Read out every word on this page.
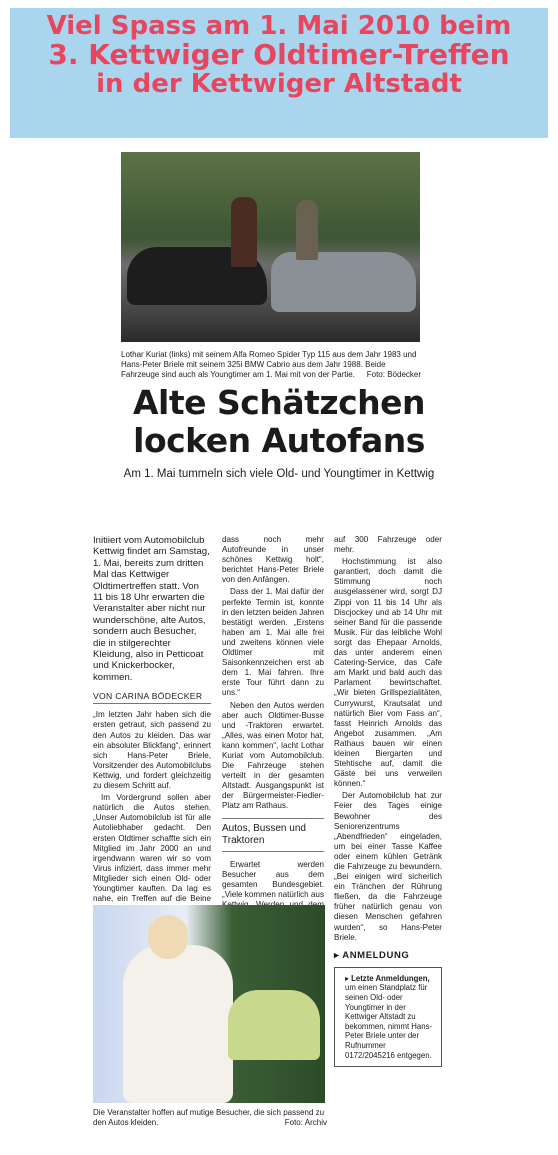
Viel Spass am 1. Mai 2010 beim
3. Kettwiger Oldtimer-Treffen
in der Kettwiger Altstadt
Lothar Kuriat (links) mit seinem Alfa Romeo Spider Typ 115 aus dem Jahr 1983 und Hans-Peter Briele mit seinem 325i BMW Cabrio aus dem Jahr 1988. Beide Fahrzeuge sind auch als Youngtimer am 1. Mai mit von der Partie. Foto: Bödecker
Alte Schätzchen
locken Autofans
Am 1. Mai tummeln sich viele Old- und Youngtimer in Kettwig

Initiiert vom Automobilclub Kettwig findet am Samstag, 1. Mai, bereits zum dritten Mal das Kettwiger Oldtimertreffen statt. Von 11 bis 18 Uhr erwarten die Veranstalter aber nicht nur wunderschöne, alte Autos, sondern auch Besucher, die in stilgerechter Kleidung, also in Petticoat und Knickerbocker, kommen.

VON CARINA BÖDECKER

„Im letzten Jahr haben sich die ersten getraut, sich passend zu den Autos zu kleiden. Das war ein absoluter Blickfang“, erinnert sich Hans-Peter Briele, Vorsitzender des Automobilclubs Kettwig, und fordert gleichzeitig zu diesem Schritt auf.

Im Vordergrund sollen aber natürlich die Autos stehen. „Unser Automobilclub ist für alle Autoliebhaber gedacht. Den ersten Oldtimer schaffte sich ein Mitglied im Jahr 2000 an und irgendwann waren wir so vom Virus infiziert, dass immer mehr Mitglieder sich einen Old- oder Youngtimer kauften. Da lag es nahe, ein Treffen auf die Beine

dass noch mehr Autofreunde in unser schönes Kettwig holt“, berichtet Hans-Peter Briele von den Anfängen.

Dass der 1. Mai dafür der perfekte Termin ist, konnte in den letzten beiden Jahren bestätigt werden. „Erstens haben am 1. Mai alle frei und zweitens können viele Oldtimer mit Saisonkennzeichen erst ab dem 1. Mai fahren. Ihre erste Tour führt dann zu uns.“

Neben den Autos werden aber auch Oldtimer-Busse und -Traktoren erwartet. „Alles, was einen Motor hat, kann kommen“, lacht Lothar Kuriat vom Automobilclub. Die Fahrzeuge stehen verteilt in der gesamten Altstadt. Ausgangspunkt ist der Bürgermeister-Fiedler-Platz am Rathaus.

Autos, Bussen und Traktoren

Erwartet werden Besucher aus dem gesamten Bundesgebiet. „Viele kommen natürlich aus

auf 300 Fahrzeuge oder mehr.

Hochstimmung ist also garantiert, doch damit die Stimmung noch ausgelassener wird, sorgt DJ Zippi von 11 bis 14 Uhr als Discjockey und ab 14 Uhr mit seiner Band für die passende Musik. Für das leibliche Wohl sorgt das Ehepaar Arnolds, das unter anderem einen Catering-Service, das Cafe am Markt und bald auch das Parlament bewirtschaftet. „Wir bieten Grillspezialitäten, Currywurst, Krautsalat und natürlich Bier vom Fass an“, fasst Heinrich Arnolds das Angebot zusammen. „Am Rathaus bauen wir einen kleinen Biergarten und Stehtische auf, damit die Gäste bei uns verweilen können.“

Der Automobilclub hat zur Feier des Tages einige Bewohner des Seniorenzentrums „Abendfrieden“ eingeladen, um bei einer Tasse Kaffee oder einem kühlen Getränk die Fahrzeuge zu bewundern. „Bei einigen wird sicherlich ein Tränchen der Rührung fließen, da die Fahrzeuge früher natürlich genau von diesen Menschen gefahren wurden“, so Hans-Peter Briele.

▸ ANMELDUNG

▸ Letzte Anmeldungen, um einen Standplatz für seinen Old- oder Youngtimer in der Kettwiger Altstadt zu bekommen, nimmt Hans-Peter Briele unter der Rufnummer 0172/2045216 entgegen.
Die Veranstalter hoffen auf mutige Besucher, die sich passend zu den Autos kleiden.	Foto: Archiv
